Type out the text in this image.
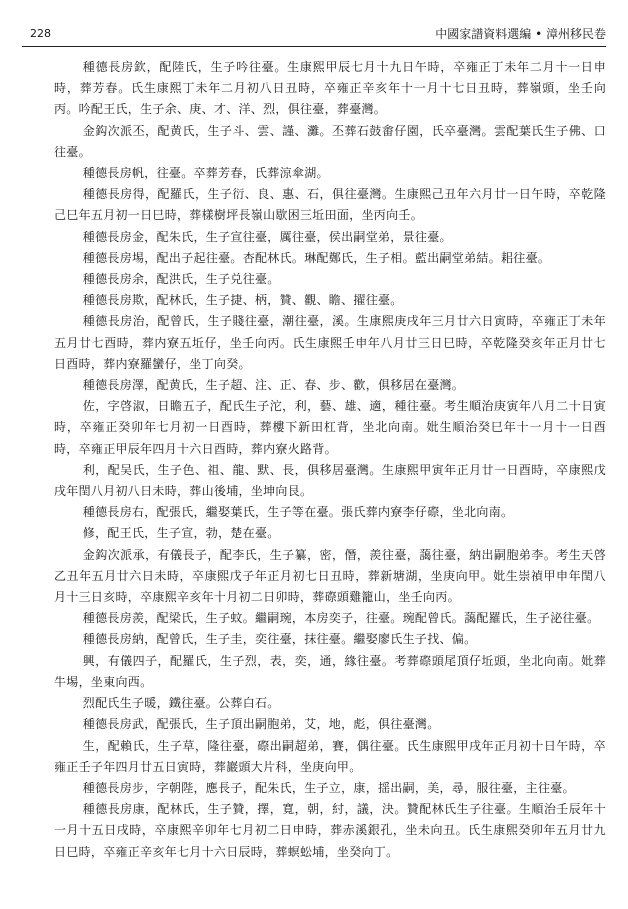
228	中國家譜資料選編 • 漳州移民卷

種德長房欽，配陸氏，生子吟往臺。生康熙甲辰七月十九日午時，卒雍正丁未年二月十一日申時，葬芳春。氏生康熙丁未年二月初八日丑時，卒雍正辛亥年十一月十七日丑時，葬嶺頭，坐壬向丙。吟配王氏，生子余、庚、才、洋、烈，俱往臺，葬臺灣。

金鈎次派丕，配黄氏，生子斗、雲、謹、灘。丕葬石鼓畬仔園，氏卒臺灣。雲配葉氏生子佛、口往臺。

種德長房帆，往臺。卒葬芳春，氏葬涼傘湖。

種德長房得，配羅氏，生子衍、良、惠、石，俱往臺灣。生康熙己丑年六月廿一日午時，卒乾隆己巳年五月初一日巳時，葬樣樹坪長嶺山歇困三坵田面，坐丙向壬。

種德長房金，配朱氏，生子宣往臺，厲往臺，侯出嗣堂弟，景往臺。

種德長房埸，配出子起往臺。杏配林氏。琳配鄭氏，生子相。藍出嗣堂弟結。耜往臺。

種德長房余，配洪氏，生子兑往臺。

種德長房欺，配林氏，生子捷、柄，贊、觀、瞻、擢往臺。

種德長房治，配曾氏，生子賤往臺，潮往臺，溪。生康熙庚戌年三月廿六日寅時，卒雍正丁未年五月廿七酉時，葬内寮五坵仔，坐壬向丙。氏生康熙壬申年八月廿三日巳時，卒乾隆癸亥年正月廿七日酉時，葬内寮羅蠻仔，坐丁向癸。

種德長房澤，配黄氏，生子超、注、正、春、步、歡，俱移居在臺灣。

佐，字啓淑，日瞻五子，配氏生子沱，利，藝、雄、適，種往臺。考生順治庚寅年八月二十日寅時，卒雍正癸卯年七月初一日酉時，葬樓下新田杠背，坐北向南。妣生順治癸巳年十一月十一日酉時，卒雍正甲辰年四月十六日酉時，葬内寮火路背。

利，配吴氏，生子色、祖、龍、默、長，俱移居臺灣。生康熙甲寅年正月廿一日酉時，卒康熙戊戌年閏八月初八日未時，葬山後埔，坐坤向艮。

種德長房右，配張氏，繼娶葉氏，生子等在臺。張氏葬内寮李仔磜，坐北向南。

修，配王氏，生子宣，勃，楚在臺。

金鈎次派承，有儀長子，配李氏，生子纂，密，僭，羨往臺，藹往臺，納出嗣胞弟李。考生天啓乙丑年五月廿六日未時，卒康熙戊子年正月初七日丑時，葬新塘湖，坐庚向甲。妣生崇禎甲申年閏八月十三日亥時，卒康熙辛亥年十月初二日卯時，葬磜頭雞籠山，坐壬向丙。

種德長房羨，配梁氏，生子蚊。繼嗣琬，本房奕子，往臺。琬配曾氏。藹配羅氏，生子泌往臺。

種德長房納，配曾氏，生子圭，奕往臺，抹往臺。繼娶廖氏生子找、偏。

興，有儀四子，配羅氏，生子烈，表，奕，通，緣往臺。考葬磜頭尾頂仔坵頭，坐北向南。妣葬牛埸，坐東向西。

烈配氏生子暖，鐵往臺。公葬白石。

種德長房武，配張氏，生子頂出嗣胞弟，艾，地，彪，俱往臺灣。

生，配賴氏，生子草，隆往臺，磜出嗣超弟，賽，偶往臺。氏生康熙甲戌年正月初十日午時，卒雍正壬子年四月廿五日寅時，葬巖頭大片科，坐庚向甲。

種德長房步，字朝陛，應長子，配朱氏，生子立，康，揺出嗣，美，尋，服往臺，主往臺。

種德長房康，配林氏，生子贊，擇，寬，朝，紂，議，決。贊配林氏生子往臺。生順治壬辰年十一月十五日戌時，卒康熙辛卯年七月初二日申時，葬赤溪銀孔，坐未向丑。氏生康熙癸卯年五月廿九日巳時，卒雍正辛亥年七月十六日辰時，葬螟蚣埔，坐癸向丁。
